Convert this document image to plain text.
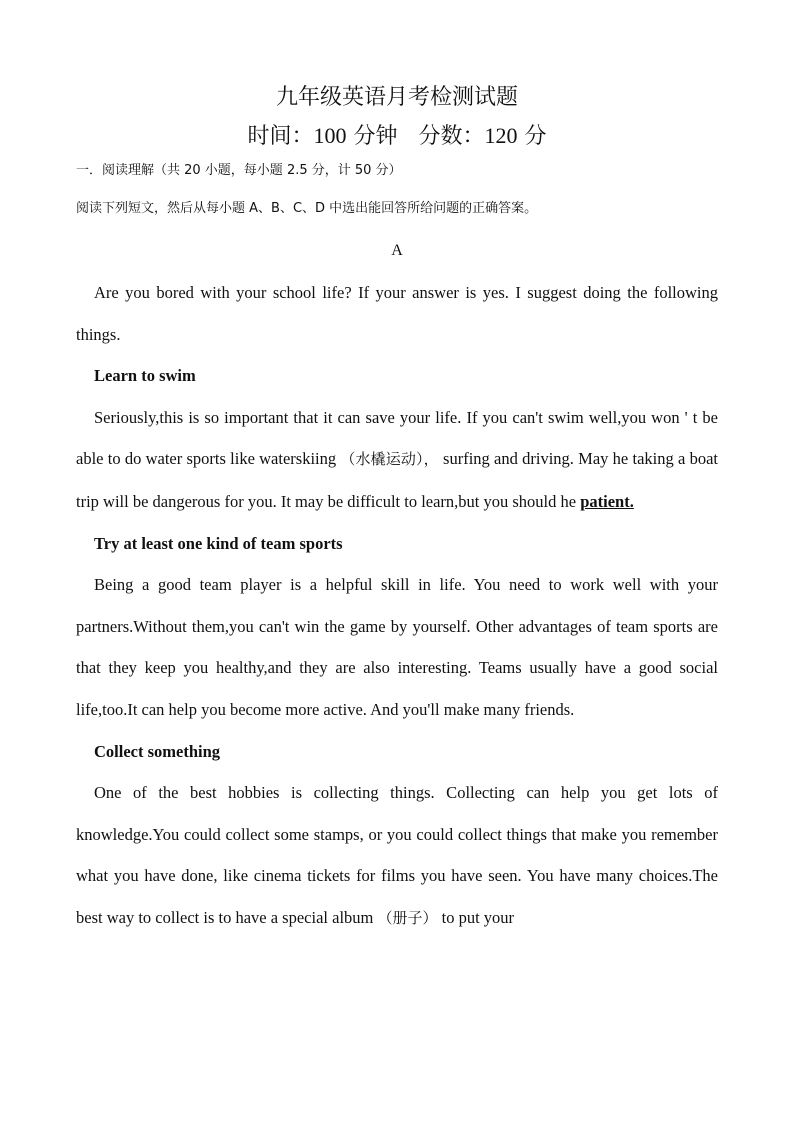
九年级英语月考检测试题
时间：100 分钟 分数：120 分
一．阅读理解（共 20 小题，每小题 2.5 分，计 50 分）
阅读下列短文，然后从每小题 A、B、C、D 中选出能回答所给问题的正确答案。
A

Are you bored with your school life? If your answer is yes. I suggest doing the following things.

Learn to swim

Seriously,this is so important that it can save your life. If you can't swim well,you won ' t be able to do water sports like waterskiing （水橇运动）， surfing and driving. May he taking a boat trip will be dangerous for you. It may be difficult to learn,but you should he patient.

Try at least one kind of team sports

Being a good team player is a helpful skill in life. You need to work well with your partners.Without them,you can't win the game by yourself. Other advantages of team sports are that they keep you healthy,and they are also interesting. Teams usually have a good social life,too.It can help you become more active. And you'll make many friends.

Collect something

One of the best hobbies is collecting things. Collecting can help you get lots of knowledge.You could collect some stamps, or you could collect things that make you remember what you have done, like cinema tickets for films you have seen. You have many choices.The best way to collect is to have a special album （册子） to put your
